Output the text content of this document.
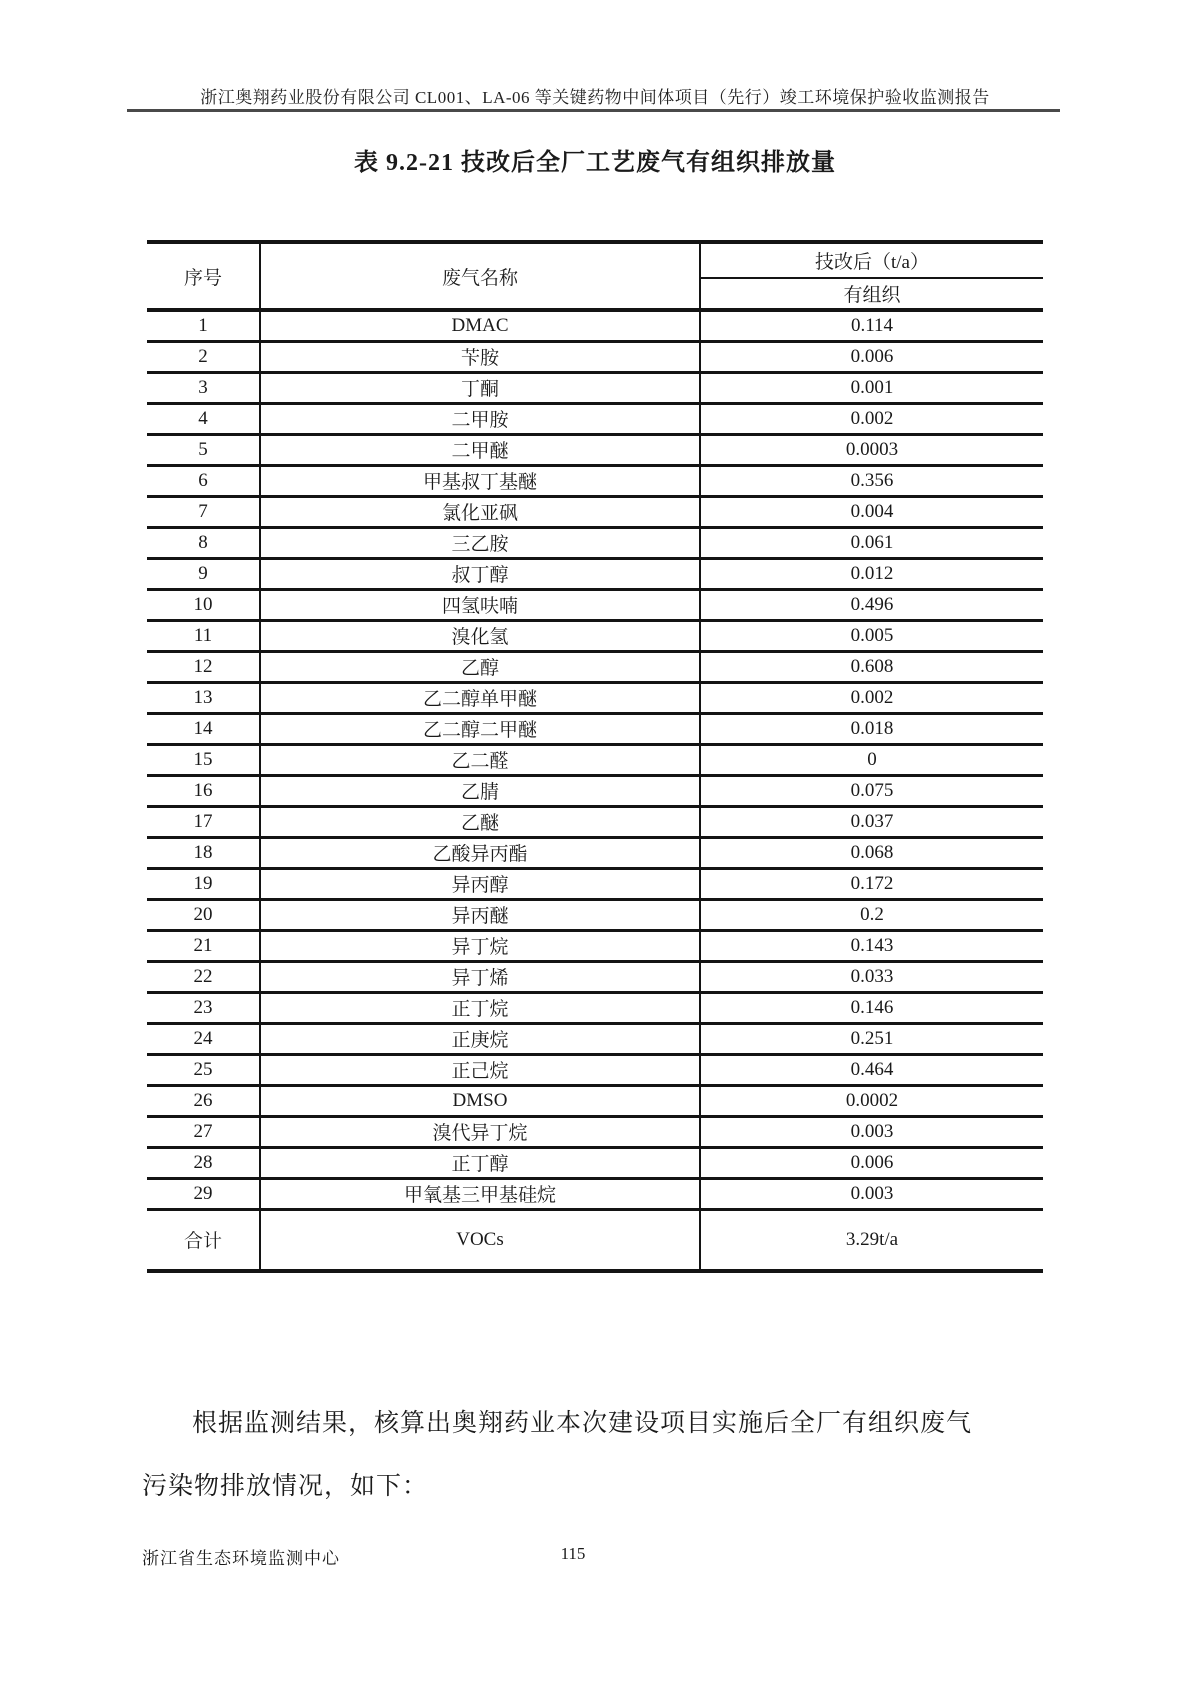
浙江奥翔药业股份有限公司 CL001、LA-06 等关键药物中间体项目（先行）竣工环境保护验收监测报告
表 9.2-21 技改后全厂工艺废气有组织排放量
序号	废气名称	技改后（t/a）
		有组织
1	DMAC	0.114
2	苄胺	0.006
3	丁酮	0.001
4	二甲胺	0.002
5	二甲醚	0.0003
6	甲基叔丁基醚	0.356
7	氯化亚砜	0.004
8	三乙胺	0.061
9	叔丁醇	0.012
10	四氢呋喃	0.496
11	溴化氢	0.005
12	乙醇	0.608
13	乙二醇单甲醚	0.002
14	乙二醇二甲醚	0.018
15	乙二醛	0
16	乙腈	0.075
17	乙醚	0.037
18	乙酸异丙酯	0.068
19	异丙醇	0.172
20	异丙醚	0.2
21	异丁烷	0.143
22	异丁烯	0.033
23	正丁烷	0.146
24	正庚烷	0.251
25	正己烷	0.464
26	DMSO	0.0002
27	溴代异丁烷	0.003
28	正丁醇	0.006
29	甲氧基三甲基硅烷	0.003
合计	VOCs	3.29t/a
根据监测结果，核算出奥翔药业本次建设项目实施后全厂有组织废气
污染物排放情况，如下：
浙江省生态环境监测中心	115
